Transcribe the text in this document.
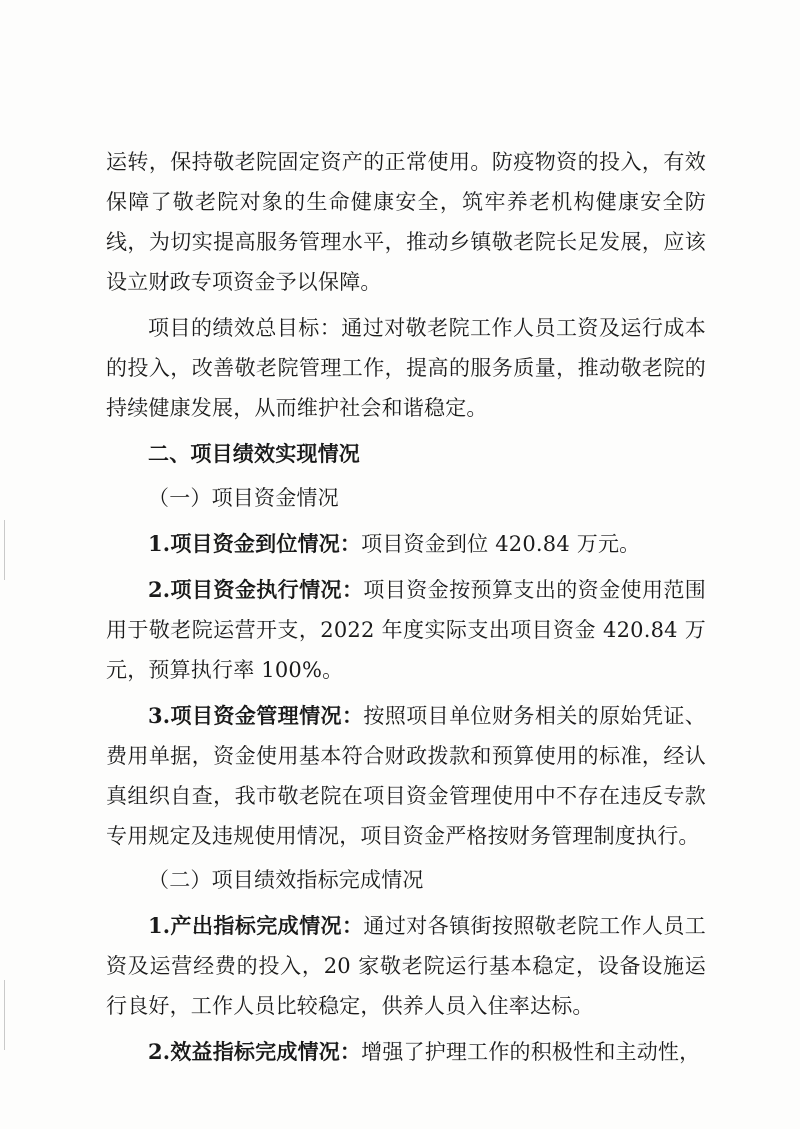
运转，保持敬老院固定资产的正常使用。防疫物资的投入，有效保障了敬老院对象的生命健康安全，筑牢养老机构健康安全防线，为切实提高服务管理水平，推动乡镇敬老院长足发展，应该设立财政专项资金予以保障。

项目的绩效总目标：通过对敬老院工作人员工资及运行成本的投入，改善敬老院管理工作，提高的服务质量，推动敬老院的持续健康发展，从而维护社会和谐稳定。

二、项目绩效实现情况

（一）项目资金情况

1.项目资金到位情况：项目资金到位 420.84 万元。

2.项目资金执行情况：项目资金按预算支出的资金使用范围用于敬老院运营开支，2022 年度实际支出项目资金 420.84 万元，预算执行率 100%。

3.项目资金管理情况：按照项目单位财务相关的原始凭证、费用单据，资金使用基本符合财政拨款和预算使用的标准，经认真组织自查，我市敬老院在项目资金管理使用中不存在违反专款专用规定及违规使用情况，项目资金严格按财务管理制度执行。

（二）项目绩效指标完成情况

1.产出指标完成情况：通过对各镇街按照敬老院工作人员工资及运营经费的投入，20 家敬老院运行基本稳定，设备设施运行良好，工作人员比较稳定，供养人员入住率达标。

2.效益指标完成情况：增强了护理工作的积极性和主动性，
